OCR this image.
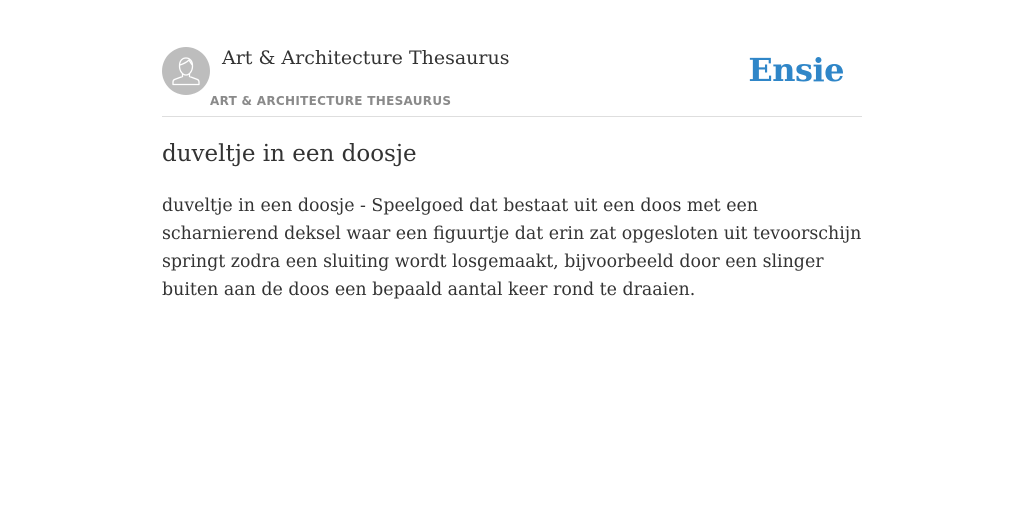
Art & Architecture Thesaurus
ART & ARCHITECTURE THESAURUS
Ensie
duveltje in een doosje

duveltje in een doosje - Speelgoed dat bestaat uit een doos met een scharnierend deksel waar een figuurtje dat erin zat opgesloten uit tevoorschijn springt zodra een sluiting wordt losgemaakt, bijvoorbeeld door een slinger buiten aan de doos een bepaald aantal keer rond te draaien.
